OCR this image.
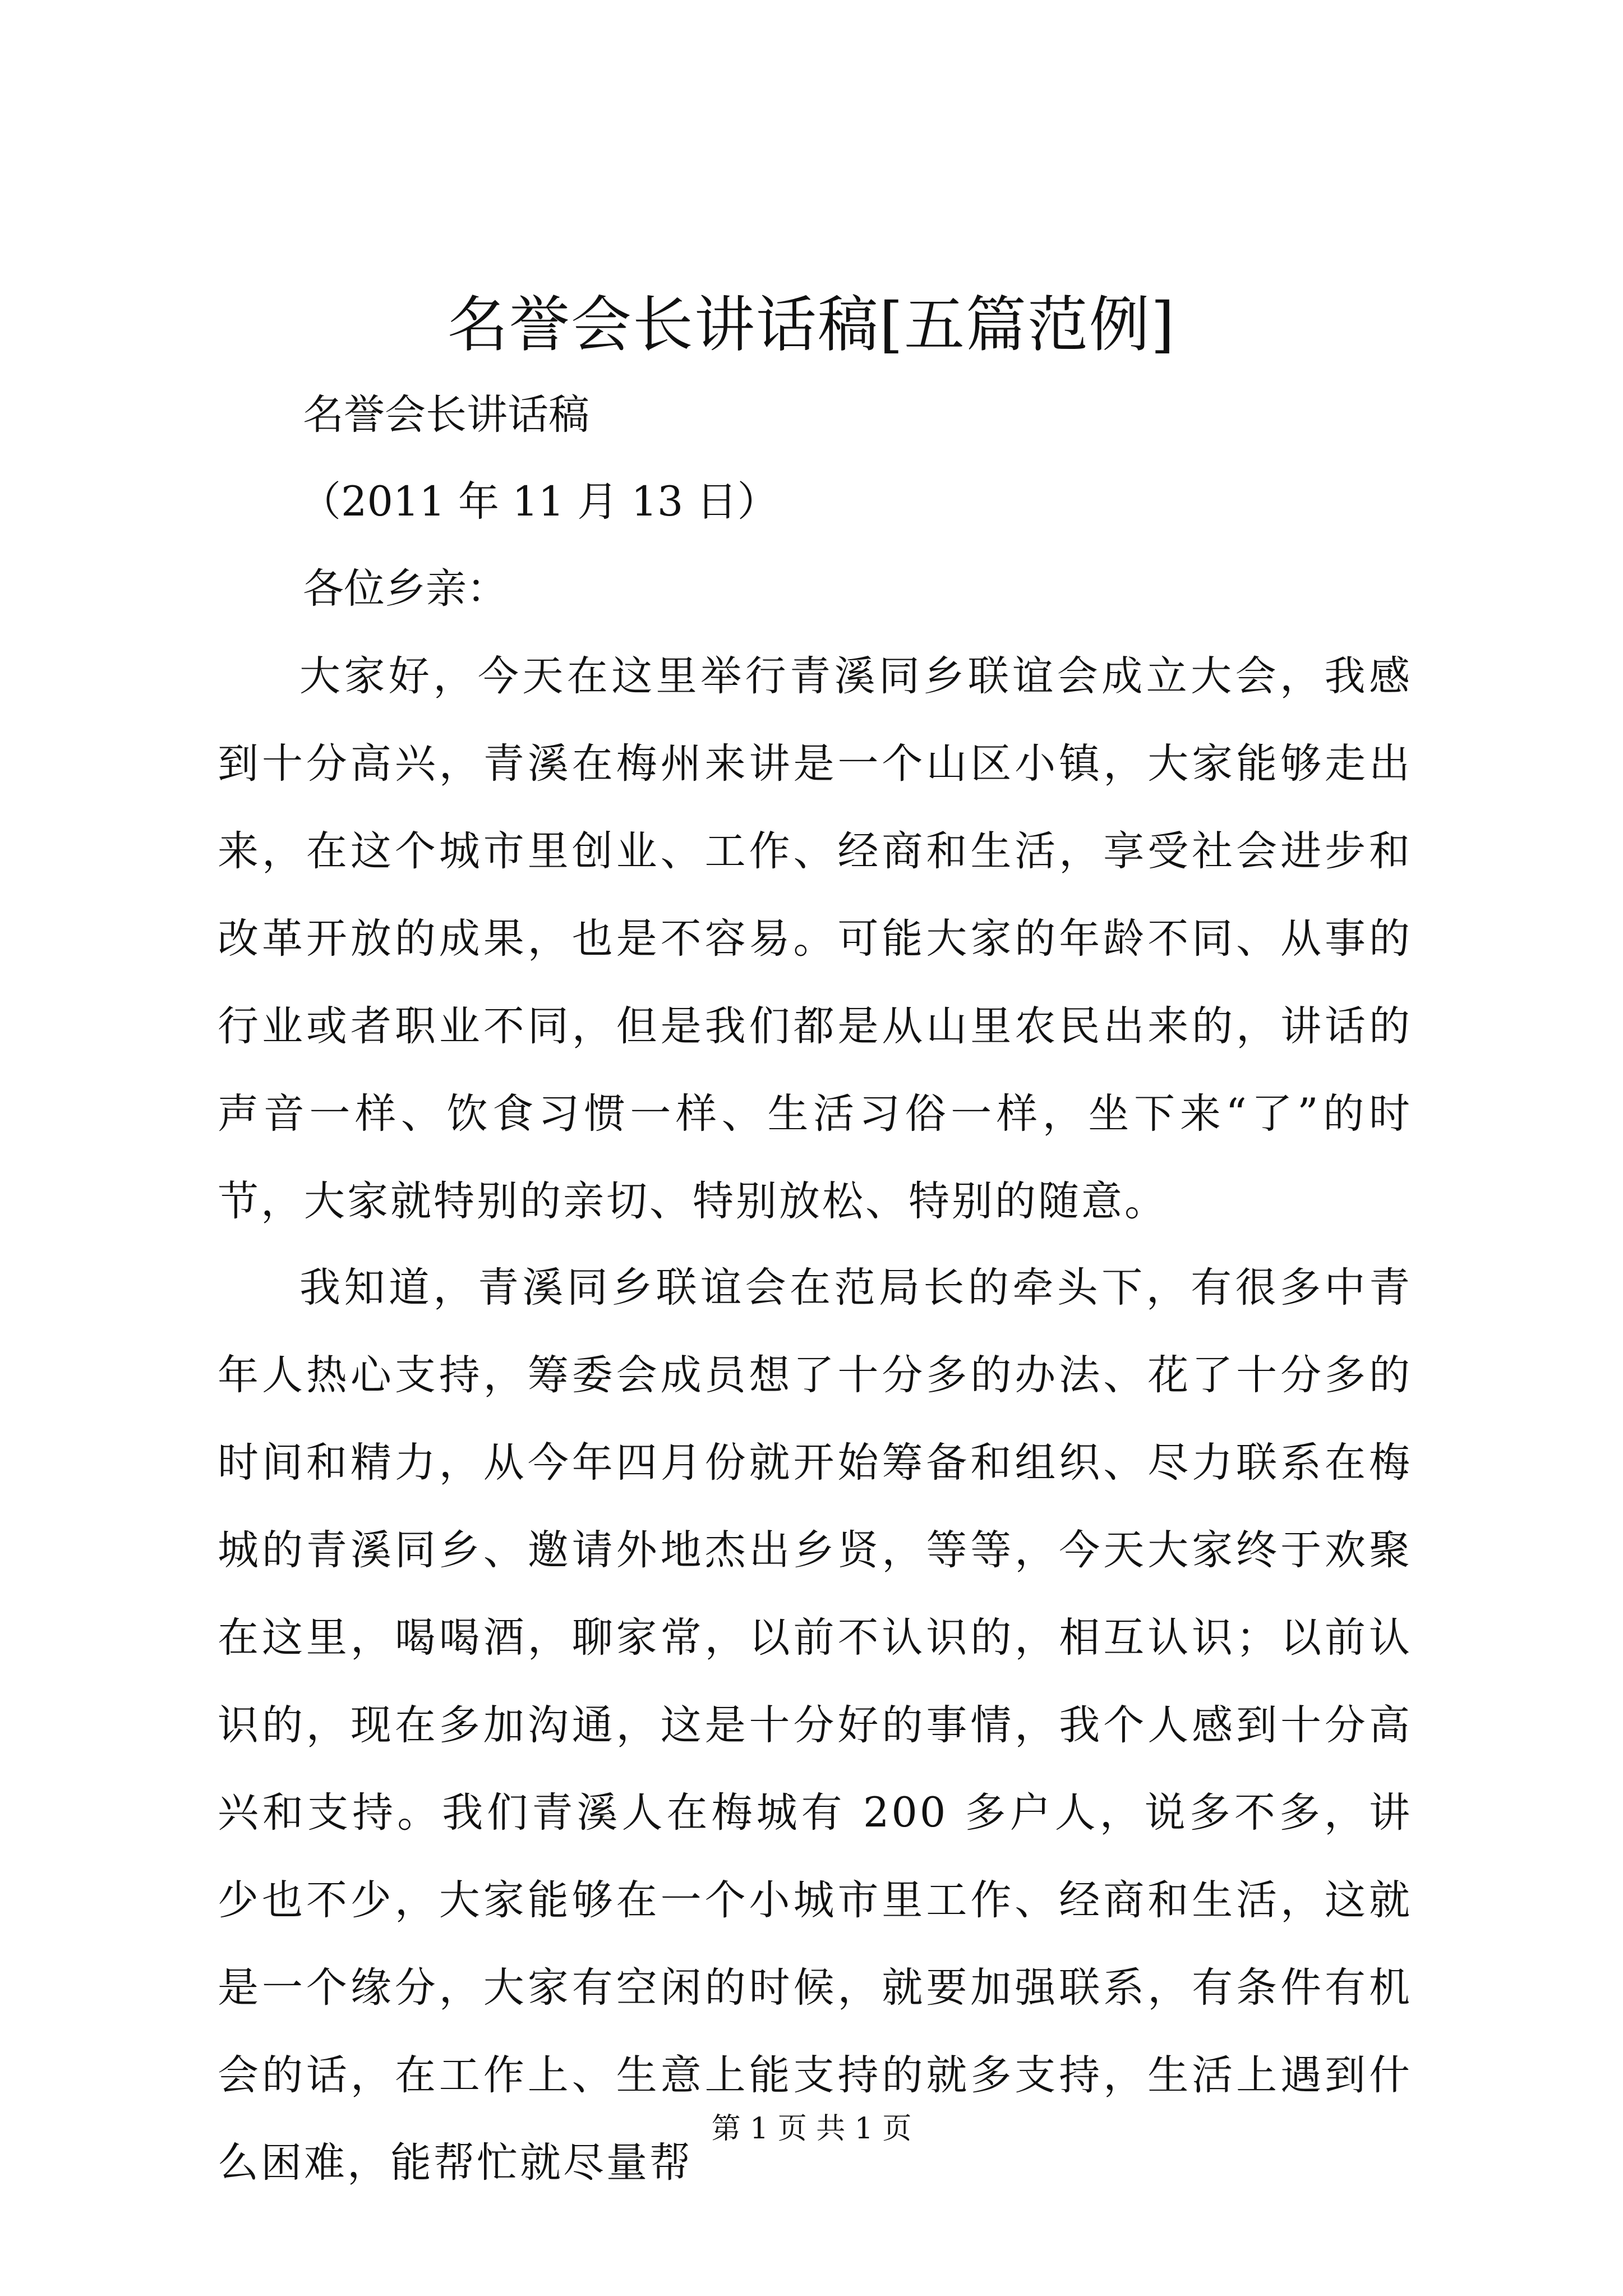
名誉会长讲话稿[五篇范例]

名誉会长讲话稿

（2011 年 11 月 13 日）

各位乡亲：

大家好，今天在这里举行青溪同乡联谊会成立大会，我感到十分高兴，青溪在梅州来讲是一个山区小镇，大家能够走出来，在这个城市里创业、工作、经商和生活，享受社会进步和改革开放的成果，也是不容易。可能大家的年龄不同、从事的行业或者职业不同，但是我们都是从山里农民出来的，讲话的声音一样、饮食习惯一样、生活习俗一样，坐下来“了”的时节，大家就特别的亲切、特别放松、特别的随意。

我知道，青溪同乡联谊会在范局长的牵头下，有很多中青年人热心支持，筹委会成员想了十分多的办法、花了十分多的时间和精力，从今年四月份就开始筹备和组织、尽力联系在梅城的青溪同乡、邀请外地杰出乡贤，等等，今天大家终于欢聚在这里，喝喝酒，聊家常，以前不认识的，相互认识；以前认识的，现在多加沟通，这是十分好的事情，我个人感到十分高兴和支持。我们青溪人在梅城有 200 多户人，说多不多，讲少也不少，大家能够在一个小城市里工作、经商和生活，这就是一个缘分，大家有空闲的时候，就要加强联系，有条件有机会的话，在工作上、生意上能支持的就多支持，生活上遇到什么困难，能帮忙就尽量帮

第 1 页 共 1 页
